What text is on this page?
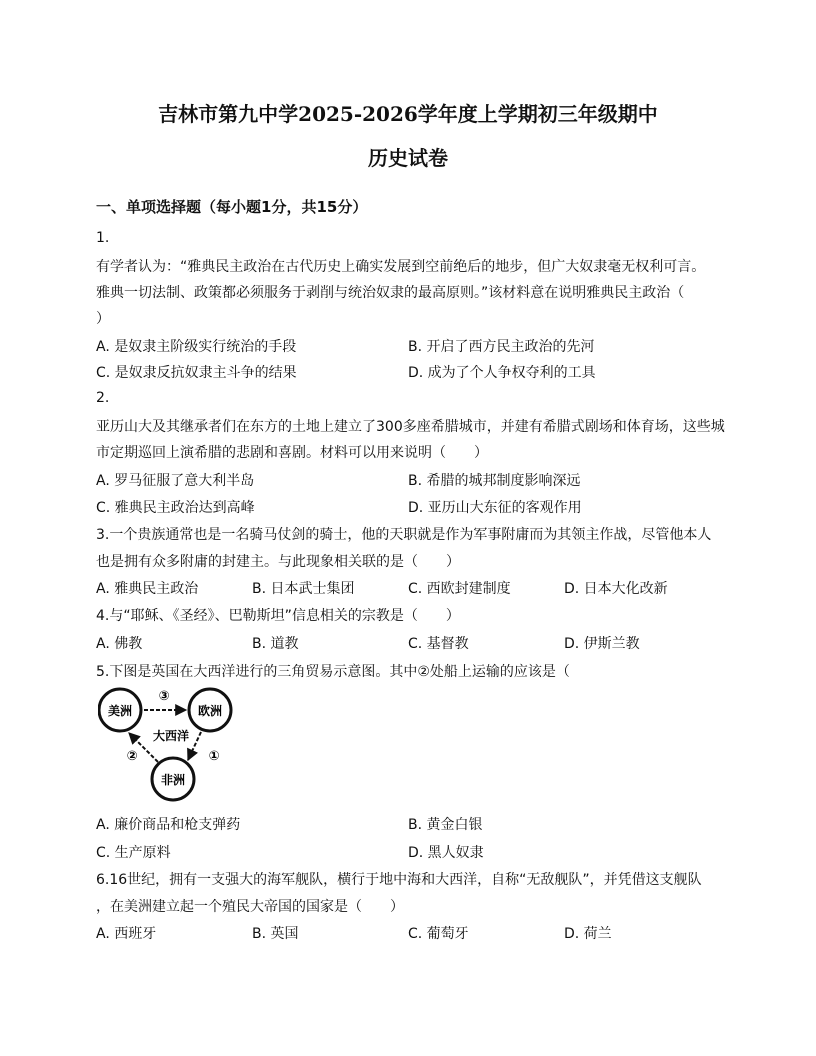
吉林市第九中学2025-2026学年度上学期初三年级期中
历史试卷
一、单项选择题（每小题1分，共15分）
1.
有学者认为：“雅典民主政治在古代历史上确实发展到空前绝后的地步，但广大奴隶毫无权利可言。
雅典一切法制、政策都必须服务于剥削与统治奴隶的最高原则。”该材料意在说明雅典民主政治（
）
A. 是奴隶主阶级实行统治的手段	B. 开启了西方民主政治的先河
C. 是奴隶反抗奴隶主斗争的结果	D. 成为了个人争权夺利的工具
2.
亚历山大及其继承者们在东方的土地上建立了300多座希腊城市，并建有希腊式剧场和体育场，这些城
市定期巡回上演希腊的悲剧和喜剧。材料可以用来说明（　　）
A. 罗马征服了意大利半岛	B. 希腊的城邦制度影响深远
C. 雅典民主政治达到高峰	D. 亚历山大东征的客观作用
3.一个贵族通常也是一名骑马仗剑的骑士，他的天职就是作为军事附庸而为其领主作战，尽管他本人
也是拥有众多附庸的封建主。与此现象相关联的是（　　）
A. 雅典民主政治	B. 日本武士集团	C. 西欧封建制度	D. 日本大化改新
4.与“耶稣、《圣经》、巴勒斯坦”信息相关的宗教是（　　）
A. 佛教	B. 道教	C. 基督教	D. 伊斯兰教
5.下图是英国在大西洋进行的三角贸易示意图。其中②处船上运输的应该是（
美洲	欧洲
非洲
大西洋
③
①
②
A. 廉价商品和枪支弹药	B. 黄金白银
C. 生产原料	D. 黑人奴隶
6.16世纪，拥有一支强大的海军舰队，横行于地中海和大西洋，自称“无敌舰队”，并凭借这支舰队
，在美洲建立起一个殖民大帝国的国家是（　　）
A. 西班牙	B. 英国	C. 葡萄牙	D. 荷兰
